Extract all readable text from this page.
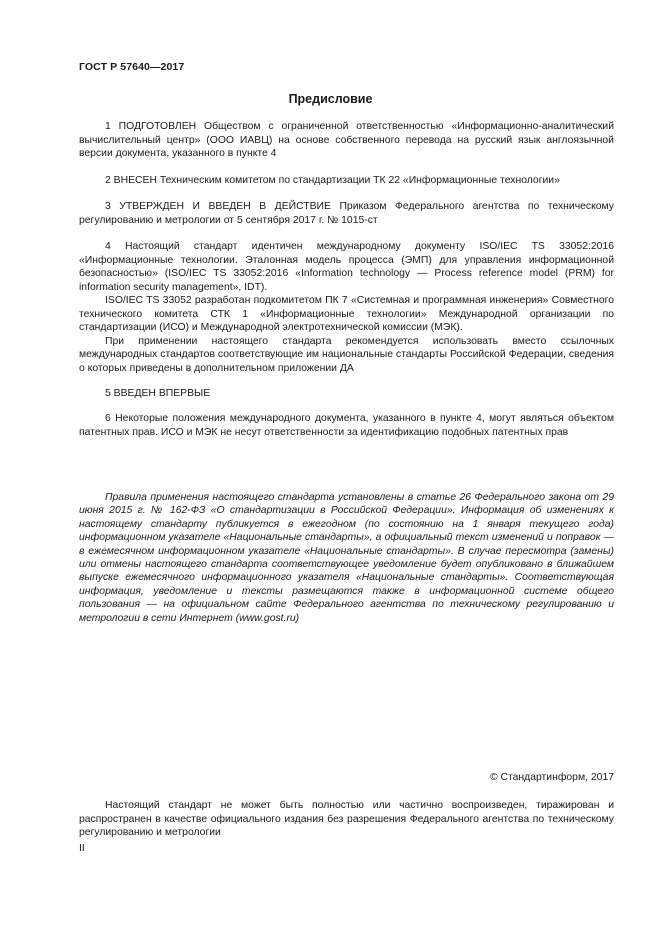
ГОСТ Р 57640—2017
Предисловие

1 ПОДГОТОВЛЕН Обществом с ограниченной ответственностью «Информационно-аналитический вычислительный центр» (ООО ИАВЦ) на основе собственного перевода на русский язык англоязычной версии документа, указанного в пункте 4

2 ВНЕСЕН Техническим комитетом по стандартизации ТК 22 «Информационные технологии»

3 УТВЕРЖДЕН И ВВЕДЕН В ДЕЙСТВИЕ Приказом Федерального агентства по техническому регулированию и метрологии от 5 сентября 2017 г. № 1015-ст

4 Настоящий стандарт идентичен международному документу ISO/IEC TS 33052:2016 «Информационные технологии. Эталонная модель процесса (ЭМП) для управления информационной безопасностью» (ISO/IEC TS 33052:2016 «Information technology — Process reference model (PRM) for information security management», IDT).

ISO/IEC TS 33052 разработан подкомитетом ПК 7 «Системная и программная инженерия» Совместного технического комитета СТК 1 «Информационные технологии» Международной организации по стандартизации (ИСО) и Международной электротехнической комиссии (МЭК).

При применении настоящего стандарта рекомендуется использовать вместо ссылочных международных стандартов соответствующие им национальные стандарты Российской Федерации, сведения о которых приведены в дополнительном приложении ДА

5 ВВЕДЕН ВПЕРВЫЕ

6 Некоторые положения международного документа, указанного в пункте 4, могут являться объектом патентных прав. ИСО и МЭК не несут ответственности за идентификацию подобных патентных прав

Правила применения настоящего стандарта установлены в статье 26 Федерального закона от 29 июня 2015 г. № 162-ФЗ «О стандартизации в Российской Федерации». Информация об изменениях к настоящему стандарту публикуется в ежегодном (по состоянию на 1 января текущего года) информационном указателе «Национальные стандарты», а официальный текст изменений и поправок — в ежемесячном информационном указателе «Национальные стандарты». В случае пересмотра (замены) или отмены настоящего стандарта соответствующее уведомление будет опубликовано в ближайшем выпуске ежемесячного информационного указателя «Национальные стандарты». Соответствующая информация, уведомление и тексты размещаются также в информационной системе общего пользования — на официальном сайте Федерального агентства по техническому регулированию и метрологии в сети Интернет (www.gost.ru)

© Стандартинформ, 2017

Настоящий стандарт не может быть полностью или частично воспроизведен, тиражирован и распространен в качестве официального издания без разрешения Федерального агентства по техническому регулированию и метрологии

II
